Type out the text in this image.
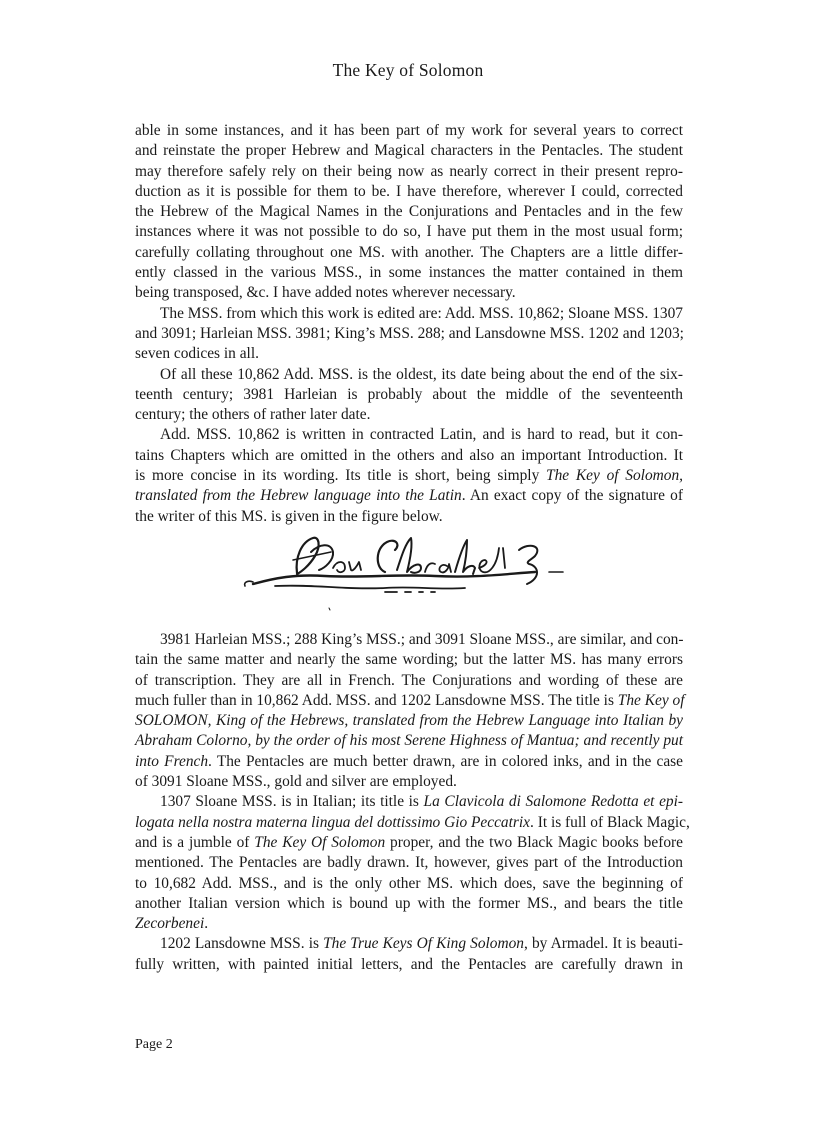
The Key of Solomon
able in some instances, and it has been part of my work for several years to correct
and reinstate the proper Hebrew and Magical characters in the Pentacles. The student
may therefore safely rely on their being now as nearly correct in their present repro-
duction as it is possible for them to be. I have therefore, wherever I could, corrected
the Hebrew of the Magical Names in the Conjurations and Pentacles and in the few
instances where it was not possible to do so, I have put them in the most usual form;
carefully collating throughout one MS. with another. The Chapters are a little differ-
ently classed in the various MSS., in some instances the matter contained in them
being transposed, &c. I have added notes wherever necessary.
The MSS. from which this work is edited are: Add. MSS. 10,862; Sloane MSS. 1307
and 3091; Harleian MSS. 3981; King’s MSS. 288; and Lansdowne MSS. 1202 and 1203;
seven codices in all.
Of all these 10,862 Add. MSS. is the oldest, its date being about the end of the six-
teenth century; 3981 Harleian is probably about the middle of the seventeenth
century; the others of rather later date.
Add. MSS. 10,862 is written in contracted Latin, and is hard to read, but it con-
tains Chapters which are omitted in the others and also an important Introduction. It
is more concise in its wording. Its title is short, being simply The Key of Solomon,
translated from the Hebrew language into the Latin. An exact copy of the signature of
the writer of this MS. is given in the figure below.
3981 Harleian MSS.; 288 King’s MSS.; and 3091 Sloane MSS., are similar, and con-
tain the same matter and nearly the same wording; but the latter MS. has many errors
of transcription. They are all in French. The Conjurations and wording of these are
much fuller than in 10,862 Add. MSS. and 1202 Lansdowne MSS. The title is The Key of
SOLOMON, King of the Hebrews, translated from the Hebrew Language into Italian by
Abraham Colorno, by the order of his most Serene Highness of Mantua; and recently put
into French. The Pentacles are much better drawn, are in colored inks, and in the case
of 3091 Sloane MSS., gold and silver are employed.
1307 Sloane MSS. is in Italian; its title is La Clavicola di Salomone Redotta et epi-
logata nella nostra materna lingua del dottissimo Gio Peccatrix. It is full of Black Magic,
and is a jumble of The Key Of Solomon proper, and the two Black Magic books before
mentioned. The Pentacles are badly drawn. It, however, gives part of the Introduction
to 10,682 Add. MSS., and is the only other MS. which does, save the beginning of
another Italian version which is bound up with the former MS., and bears the title
Zecorbenei.
1202 Lansdowne MSS. is The True Keys Of King Solomon, by Armadel. It is beauti-
fully written, with painted initial letters, and the Pentacles are carefully drawn in
Page 2
